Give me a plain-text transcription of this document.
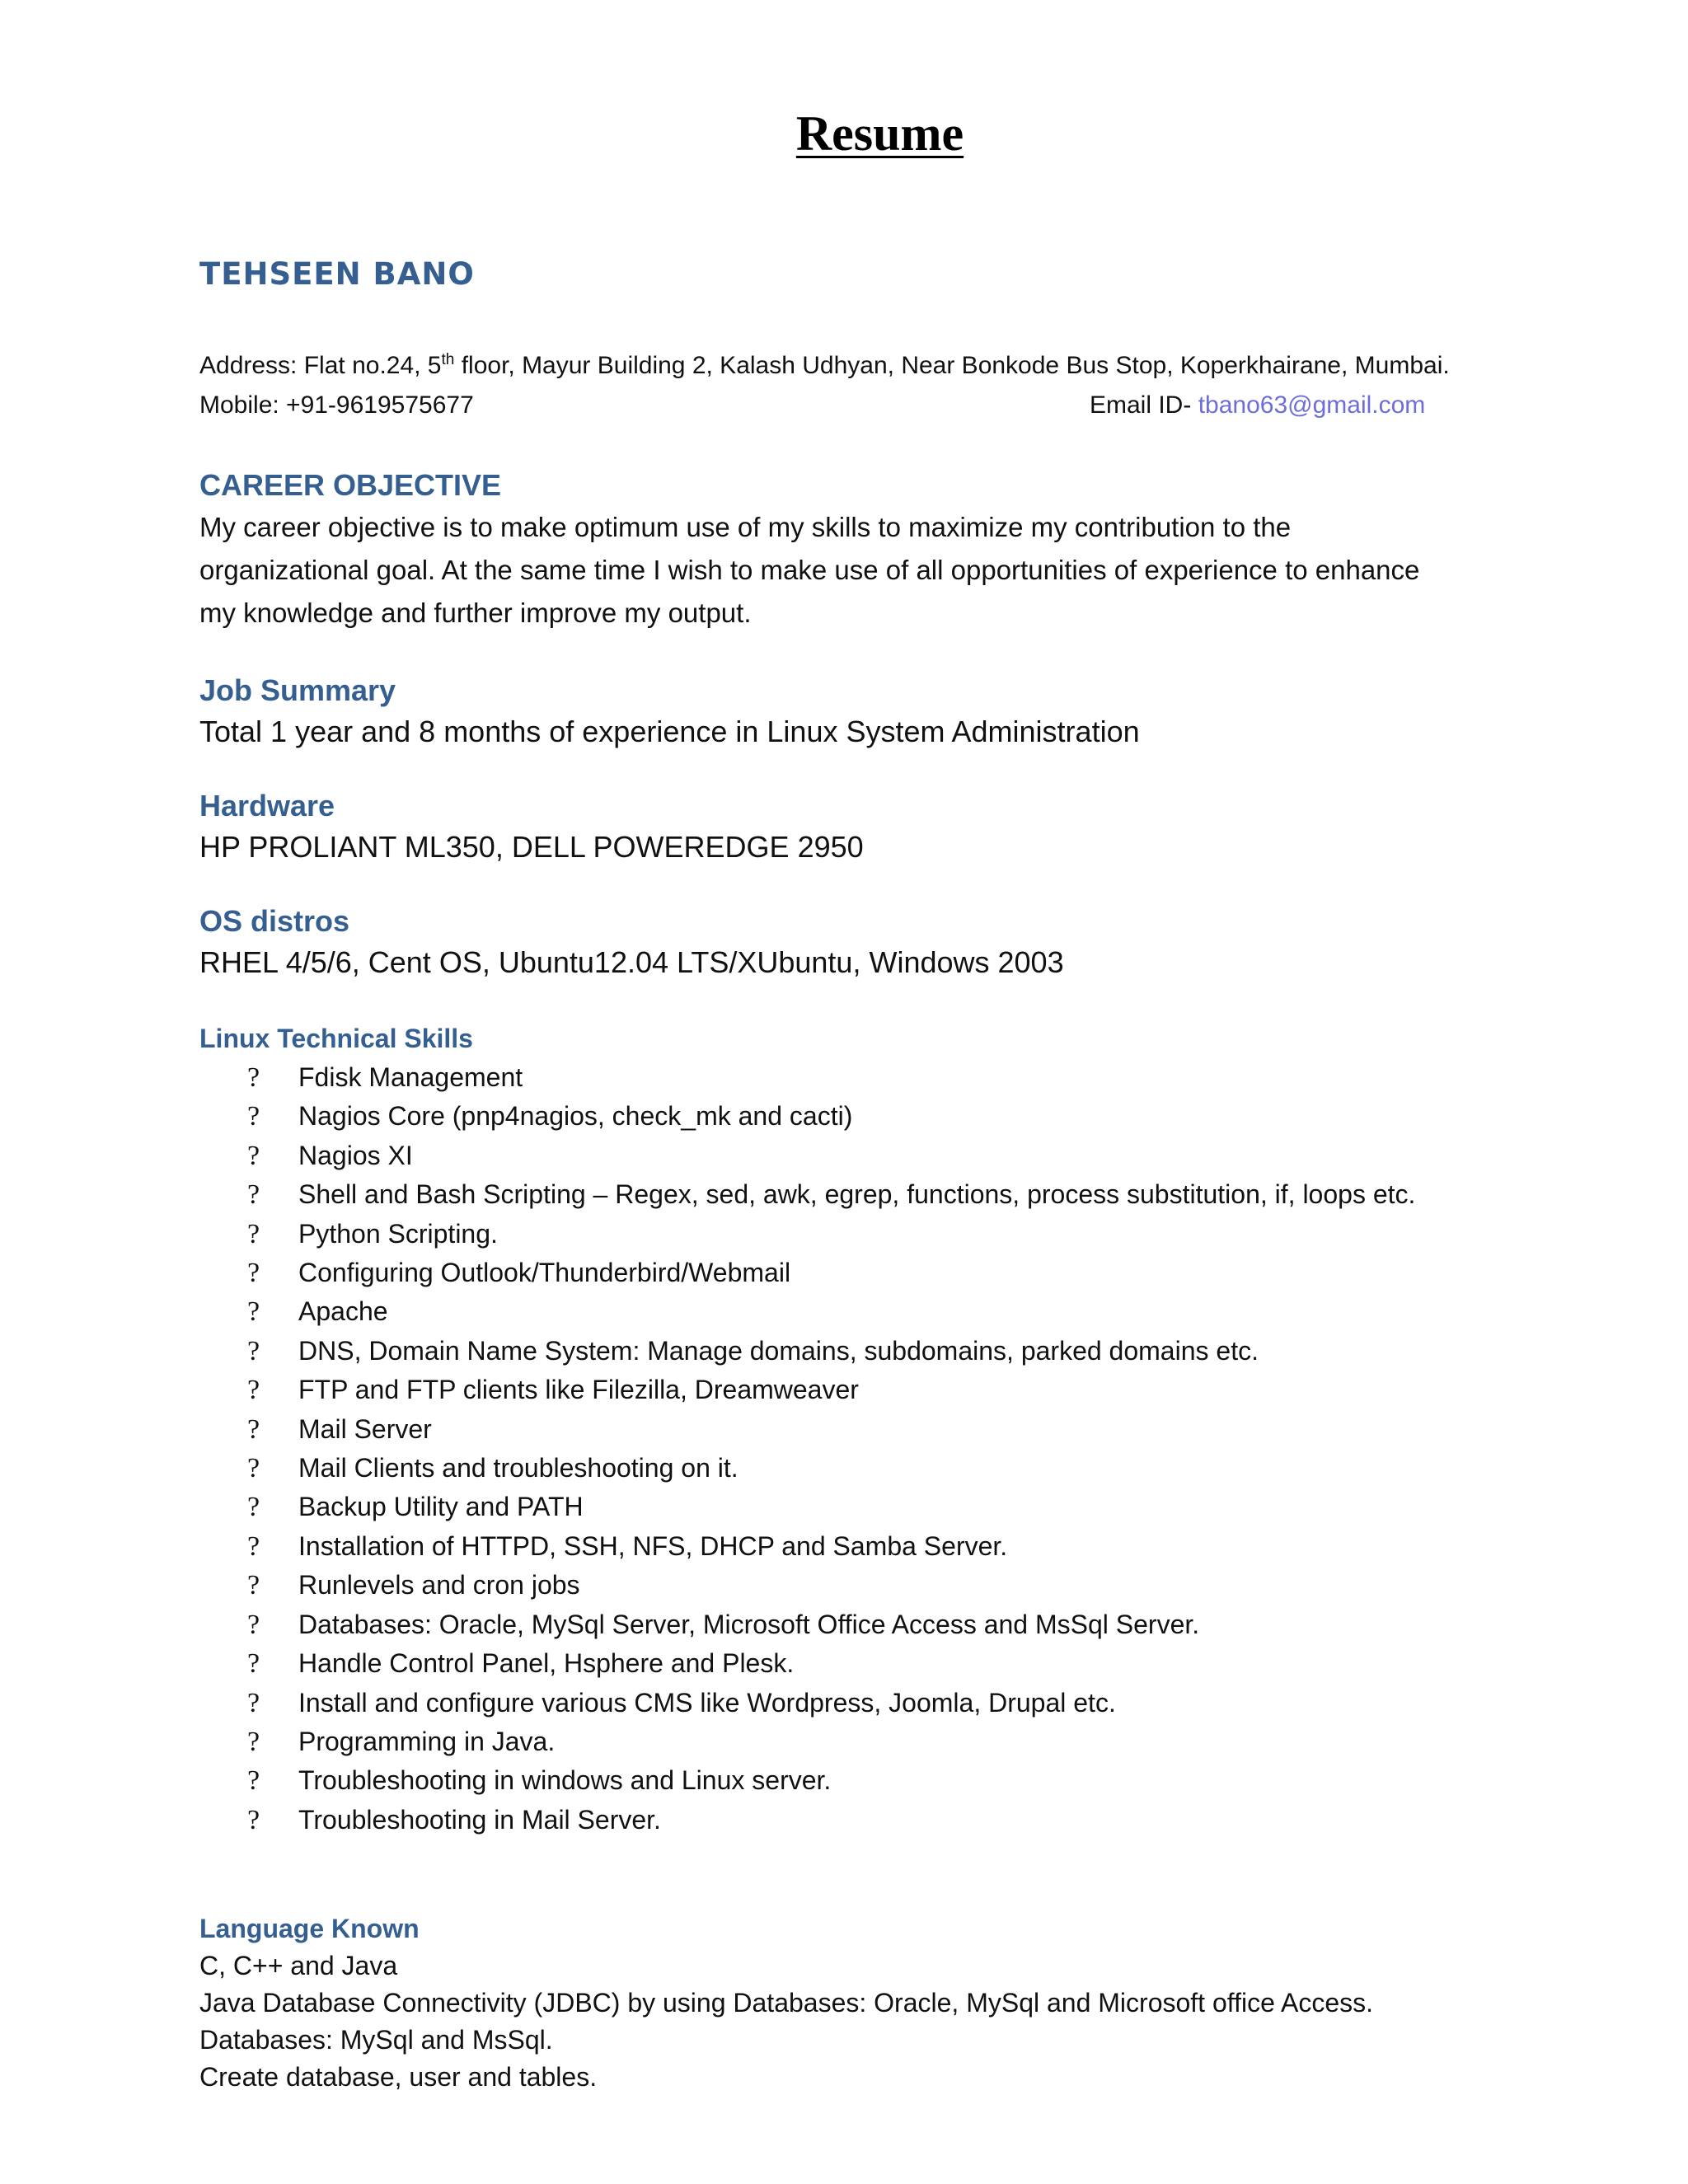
Resume
TEHSEEN BANO
Address: Flat no.24, 5th floor, Mayur Building 2, Kalash Udhyan, Near Bonkode Bus Stop, Koperkhairane, Mumbai.
Mobile: +91-9619575677	Email ID- tbano63@gmail.com
CAREER OBJECTIVE

My career objective is to make optimum use of my skills to maximize my contribution to the

organizational goal. At the same time I wish to make use of all opportunities of experience to enhance

my knowledge and further improve my output.

Job Summary

Total 1 year and 8 months of experience in Linux System Administration

Hardware

HP PROLIANT ML350, DELL POWEREDGE 2950

OS distros

RHEL 4/5/6, Cent OS, Ubuntu12.04 LTS/XUbuntu, Windows 2003

Linux Technical Skills
? Fdisk Management
? Nagios Core (pnp4nagios, check_mk and cacti)
? Nagios XI
? Shell and Bash Scripting – Regex, sed, awk, egrep, functions, process substitution, if, loops etc.
? Python Scripting.
? Configuring Outlook/Thunderbird/Webmail
? Apache
? DNS, Domain Name System: Manage domains, subdomains, parked domains etc.
? FTP and FTP clients like Filezilla, Dreamweaver
? Mail Server
? Mail Clients and troubleshooting on it.
? Backup Utility and PATH
? Installation of HTTPD, SSH, NFS, DHCP and Samba Server.
? Runlevels and cron jobs
? Databases: Oracle, MySql Server, Microsoft Office Access and MsSql Server.
? Handle Control Panel, Hsphere and Plesk.
? Install and configure various CMS like Wordpress, Joomla, Drupal etc.
? Programming in Java.
? Troubleshooting in windows and Linux server.
? Troubleshooting in Mail Server.
Language Known

C, C++ and Java

Java Database Connectivity (JDBC) by using Databases: Oracle, MySql and Microsoft office Access.

Databases: MySql and MsSql.

Create database, user and tables.
